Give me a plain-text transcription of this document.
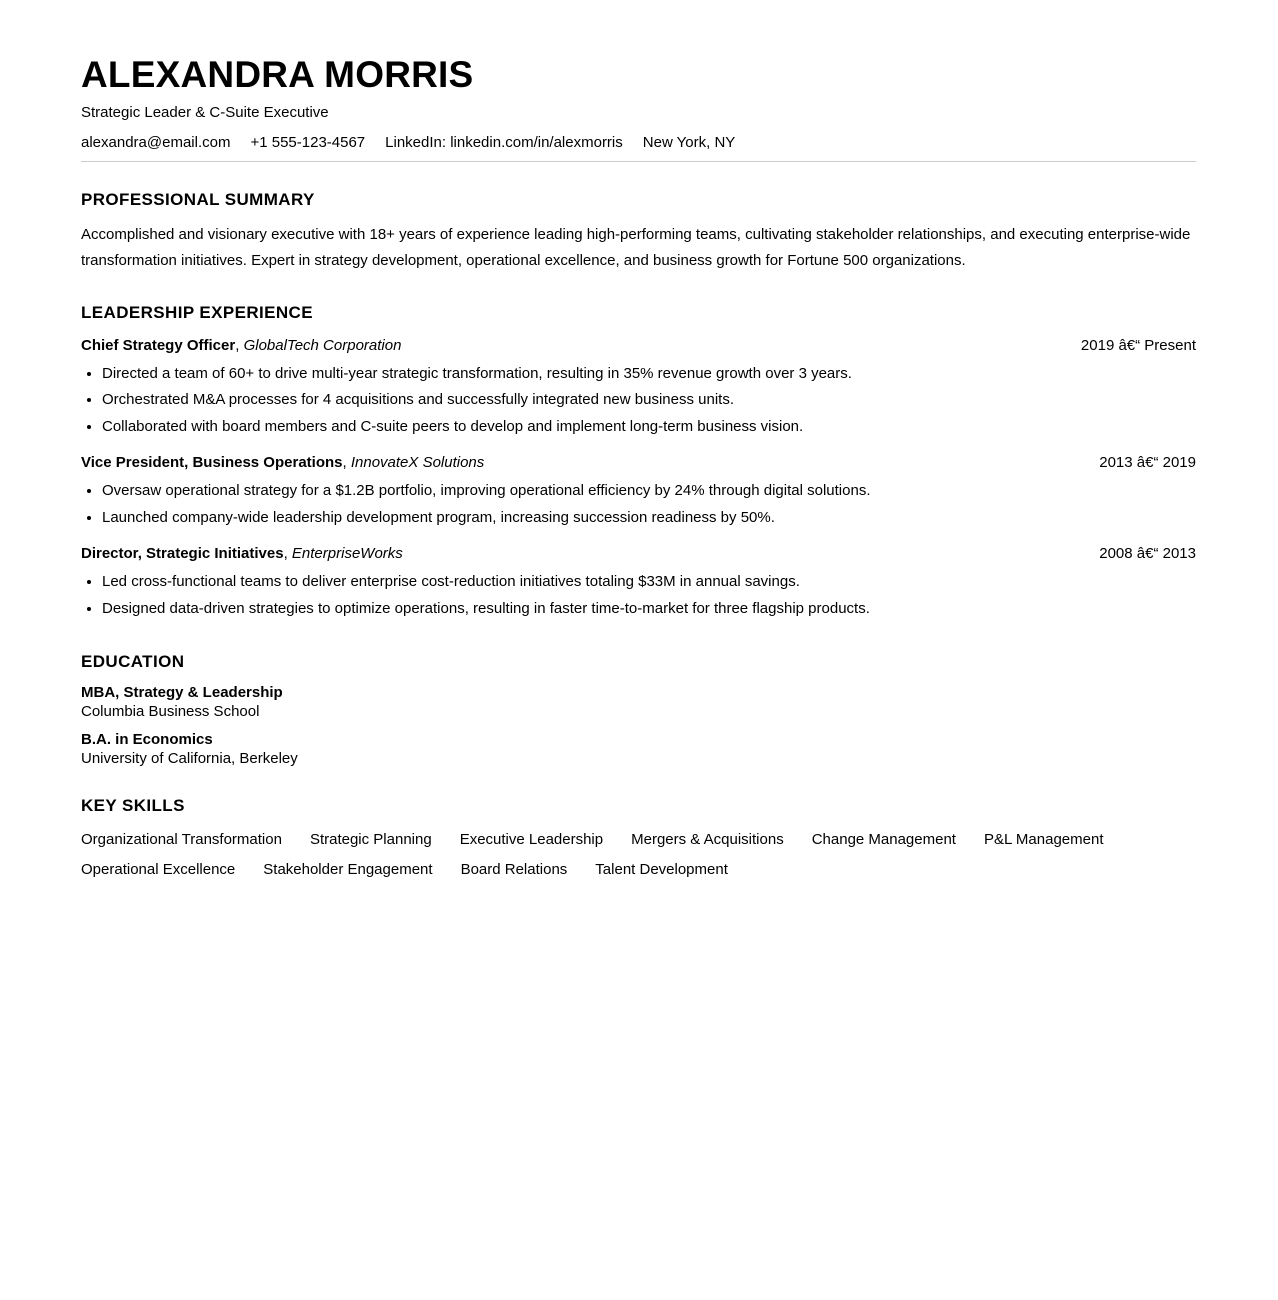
ALEXANDRA MORRIS

Strategic Leader & C-Suite Executive

alexandra@email.com +1 555-123-4567 LinkedIn: linkedin.com/in/alexmorris New York, NY
PROFESSIONAL SUMMARY

Accomplished and visionary executive with 18+ years of experience leading high-performing teams, cultivating stakeholder relationships, and executing enterprise-wide transformation initiatives. Expert in strategy development, operational excellence, and business growth for Fortune 500 organizations.

LEADERSHIP EXPERIENCE
Chief Strategy Officer, GlobalTech Corporation	2019 â€“ Present
• Directed a team of 60+ to drive multi-year strategic transformation, resulting in 35% revenue growth over 3 years.
• Orchestrated M&A processes for 4 acquisitions and successfully integrated new business units.
• Collaborated with board members and C-suite peers to develop and implement long-term business vision.
Vice President, Business Operations, InnovateX Solutions	2013 â€“ 2019
• Oversaw operational strategy for a $1.2B portfolio, improving operational efficiency by 24% through digital solutions.
• Launched company-wide leadership development program, increasing succession readiness by 50%.
Director, Strategic Initiatives, EnterpriseWorks	2008 â€“ 2013
• Led cross-functional teams to deliver enterprise cost-reduction initiatives totaling $33M in annual savings.
• Designed data-driven strategies to optimize operations, resulting in faster time-to-market for three flagship products.
EDUCATION
MBA, Strategy & Leadership
Columbia Business School
B.A. in Economics
University of California, Berkeley
KEY SKILLS
Organizational Transformation Strategic Planning Executive Leadership Mergers & Acquisitions Change Management P&L Management
Operational Excellence Stakeholder Engagement Board Relations Talent Development
